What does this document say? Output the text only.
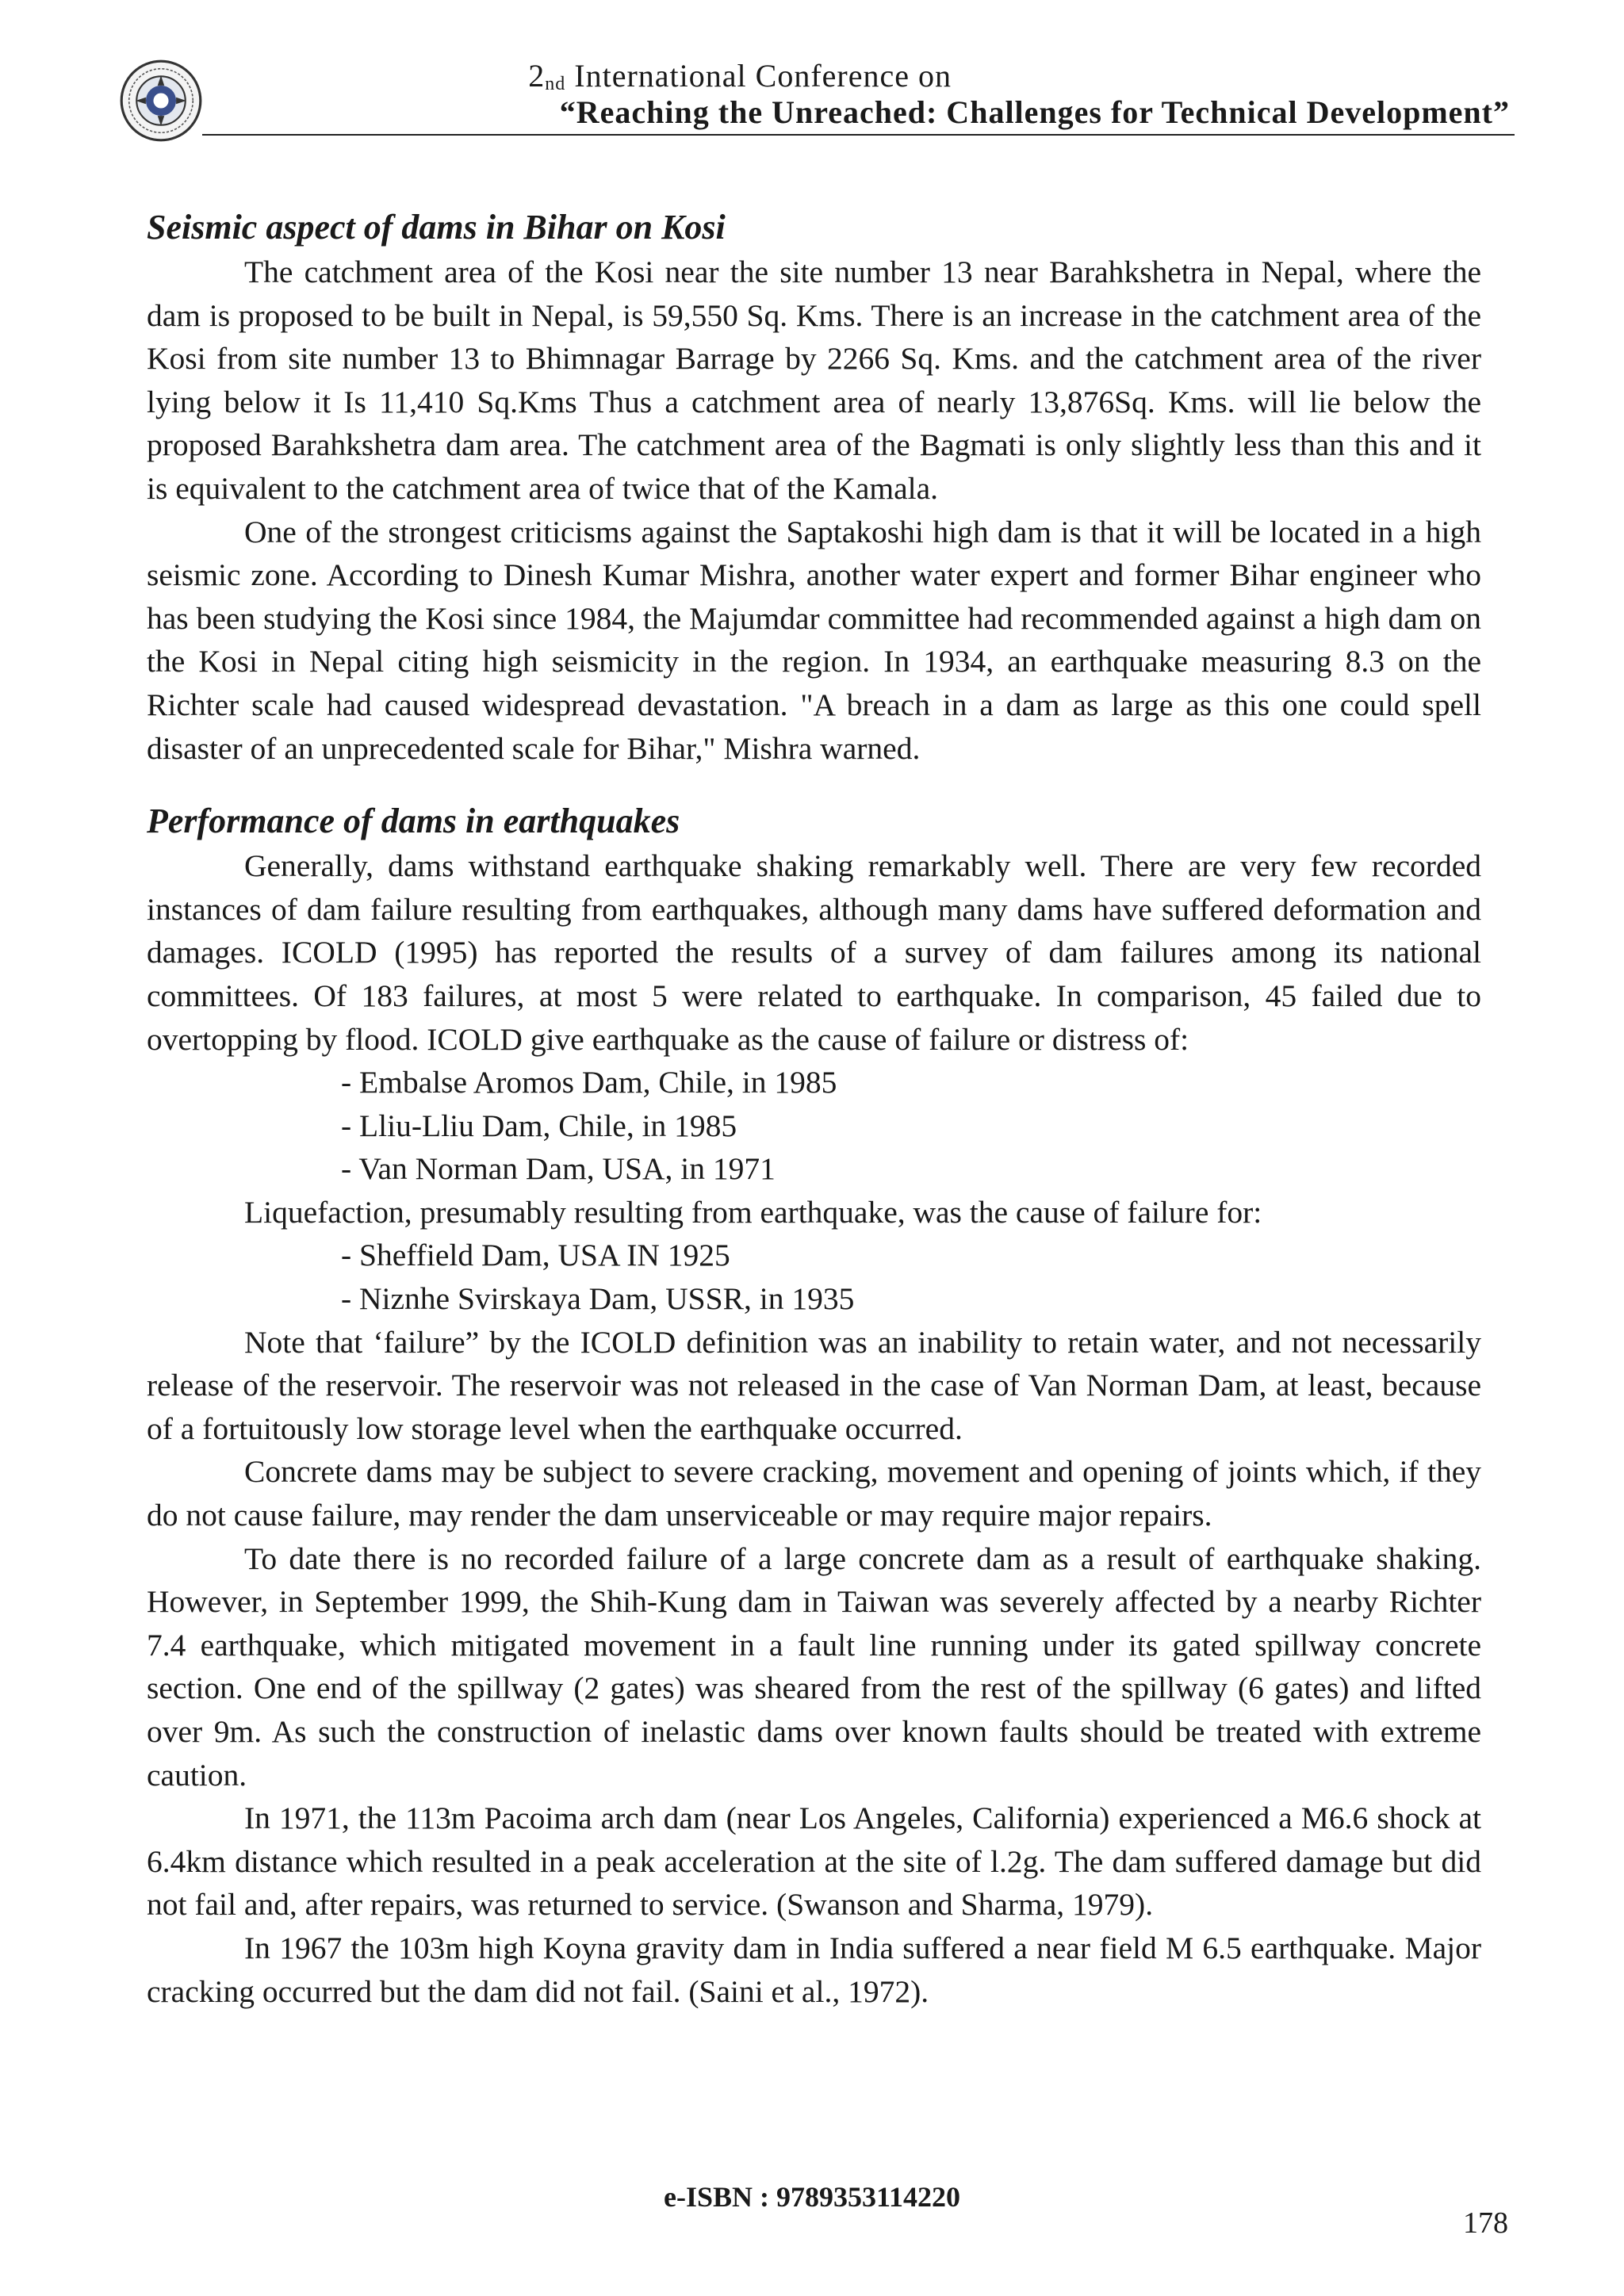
$2_{nd}$ International Conference on
“Reaching the Unreached: Challenges for Technical Development”
Seismic aspect of dams in Bihar on Kosi

The catchment area of the Kosi near the site number 13 near Barahkshetra in Nepal, where the dam is proposed to be built in Nepal, is 59,550 Sq. Kms. There is an increase in the catchment area of the Kosi from site number 13 to Bhimnagar Barrage by 2266 Sq. Kms. and the catchment area of the river lying below it Is 11,410 Sq.Kms Thus a catchment area of nearly 13,876Sq. Kms. will lie below the proposed Barahkshetra dam area. The catchment area of the Bagmati is only slightly less than this and it is equivalent to the catchment area of twice that of the Kamala.

One of the strongest criticisms against the Saptakoshi high dam is that it will be located in a high seismic zone. According to Dinesh Kumar Mishra, another water expert and former Bihar engineer who has been studying the Kosi since 1984, the Majumdar committee had recommended against a high dam on the Kosi in Nepal citing high seismicity in the region. In 1934, an earthquake measuring 8.3 on the Richter scale had caused widespread devastation. "A breach in a dam as large as this one could spell disaster of an unprecedented scale for Bihar," Mishra warned.

Performance of dams in earthquakes

Generally, dams withstand earthquake shaking remarkably well. There are very few recorded instances of dam failure resulting from earthquakes, although many dams have suffered deformation and damages. ICOLD (1995) has reported the results of a survey of dam failures among its national committees. Of 183 failures, at most 5 were related to earthquake. In comparison, 45 failed due to overtopping by flood. ICOLD give earthquake as the cause of failure or distress of:

- Embalse Aromos Dam, Chile, in 1985
- Lliu-Lliu Dam, Chile, in 1985
- Van Norman Dam, USA, in 1971
Liquefaction, presumably resulting from earthquake, was the cause of failure for:
- Sheffield Dam, USA IN 1925
- Niznhe Svirskaya Dam, USSR, in 1935

Note that ‘failure” by the ICOLD definition was an inability to retain water, and not necessarily release of the reservoir. The reservoir was not released in the case of Van Norman Dam, at least, because of a fortuitously low storage level when the earthquake occurred.

Concrete dams may be subject to severe cracking, movement and opening of joints which, if they do not cause failure, may render the dam unserviceable or may require major repairs.

To date there is no recorded failure of a large concrete dam as a result of earthquake shaking. However, in September 1999, the Shih-Kung dam in Taiwan was severely affected by a nearby Richter 7.4 earthquake, which mitigated movement in a fault line running under its gated spillway concrete section. One end of the spillway (2 gates) was sheared from the rest of the spillway (6 gates) and lifted over 9m. As such the construction of inelastic dams over known faults should be treated with extreme caution.

In 1971, the 113m Pacoima arch dam (near Los Angeles, California) experienced a M6.6 shock at 6.4km distance which resulted in a peak acceleration at the site of l.2g. The dam suffered damage but did not fail and, after repairs, was returned to service. (Swanson and Sharma, 1979).

In 1967 the 103m high Koyna gravity dam in India suffered a near field M 6.5 earthquake. Major cracking occurred but the dam did not fail. (Saini et al., 1972).

e-ISBN : 9789353114220
178
